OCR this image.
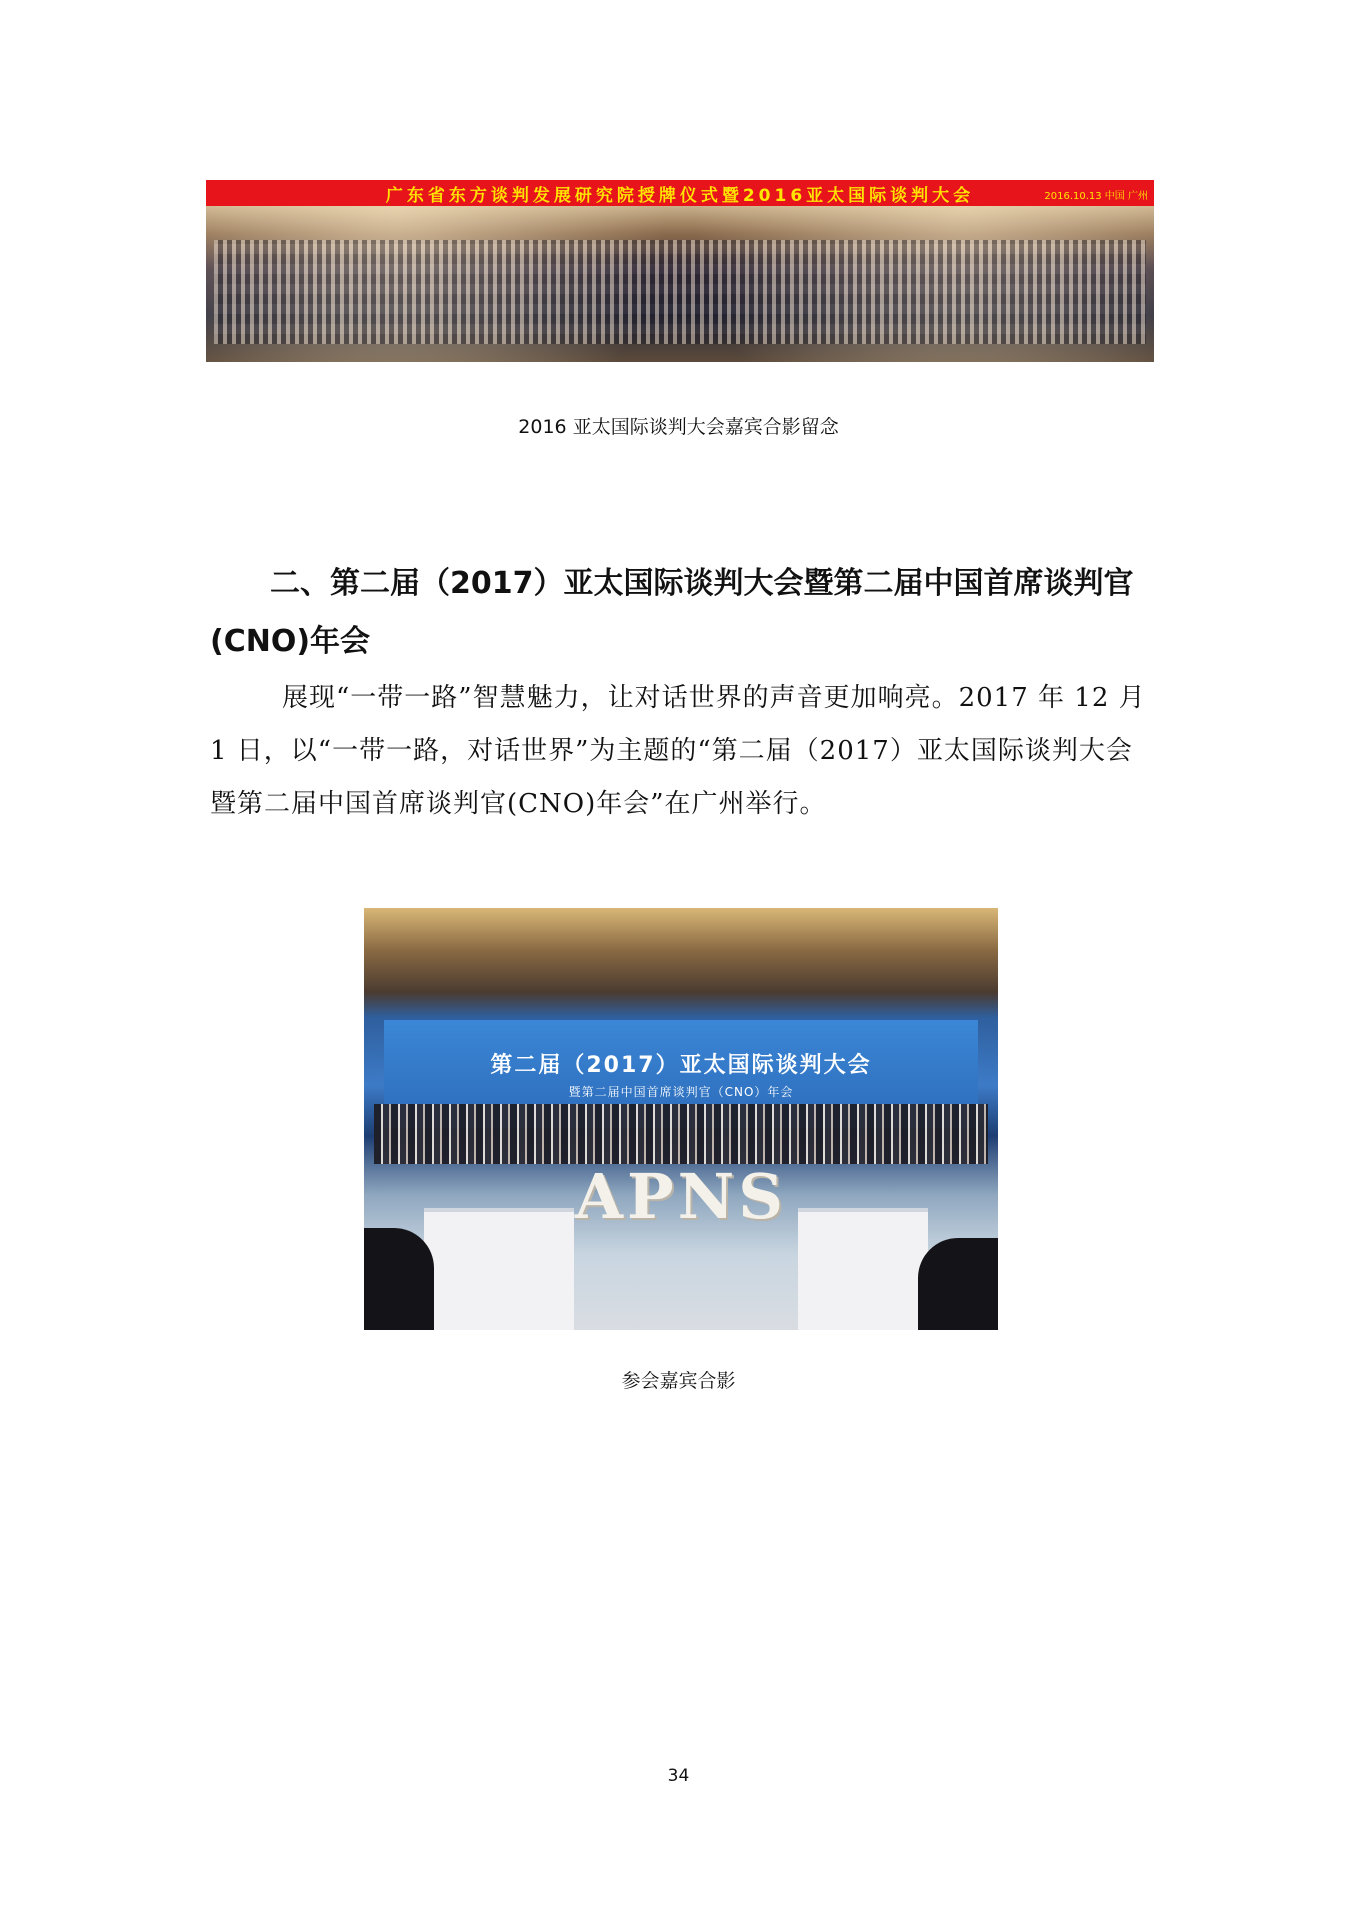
广东省东方谈判发展研究院授牌仪式暨2016亚太国际谈判大会	2016.10.13 中国 广州
2016 亚太国际谈判大会嘉宾合影留念
二、第二届（2017）亚太国际谈判大会暨第二届中国首席谈判官(CNO)年会

展现“一带一路”智慧魅力，让对话世界的声音更加响亮。2017 年 12 月 1 日，以“一带一路，对话世界”为主题的“第二届（2017）亚太国际谈判大会暨第二届中国首席谈判官(CNO)年会”在广州举行。

第二届（2017）亚太国际谈判大会
暨第二届中国首席谈判官（CNO）年会
APNS
参会嘉宾合影
34
